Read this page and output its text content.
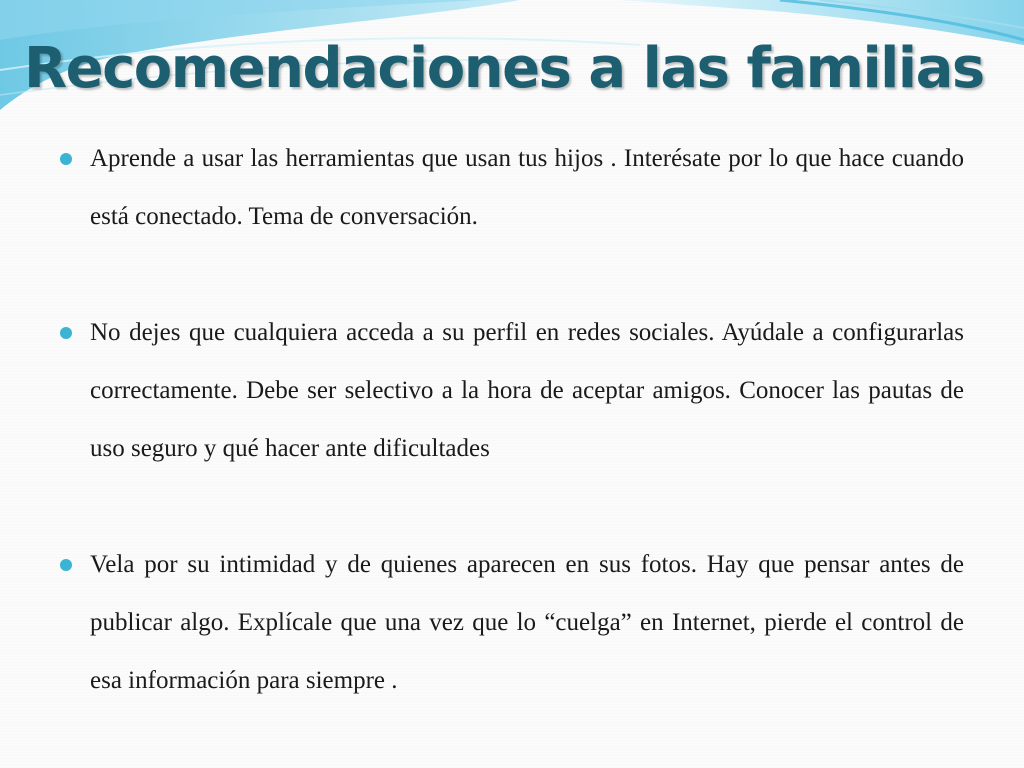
Recomendaciones a las familias
Aprende a usar las herramientas que usan tus hijos . Interésate por lo que hace cuando está conectado. Tema de conversación.
No dejes que cualquiera acceda a su perfil en redes sociales. Ayúdale a configurarlas correctamente. Debe ser selectivo a la hora de aceptar amigos. Conocer las pautas de uso seguro y qué hacer ante dificultades
Vela por su intimidad y de quienes aparecen en sus fotos. Hay que pensar antes de publicar algo. Explícale que una vez que lo “cuelga” en Internet, pierde el control de esa información para siempre .
